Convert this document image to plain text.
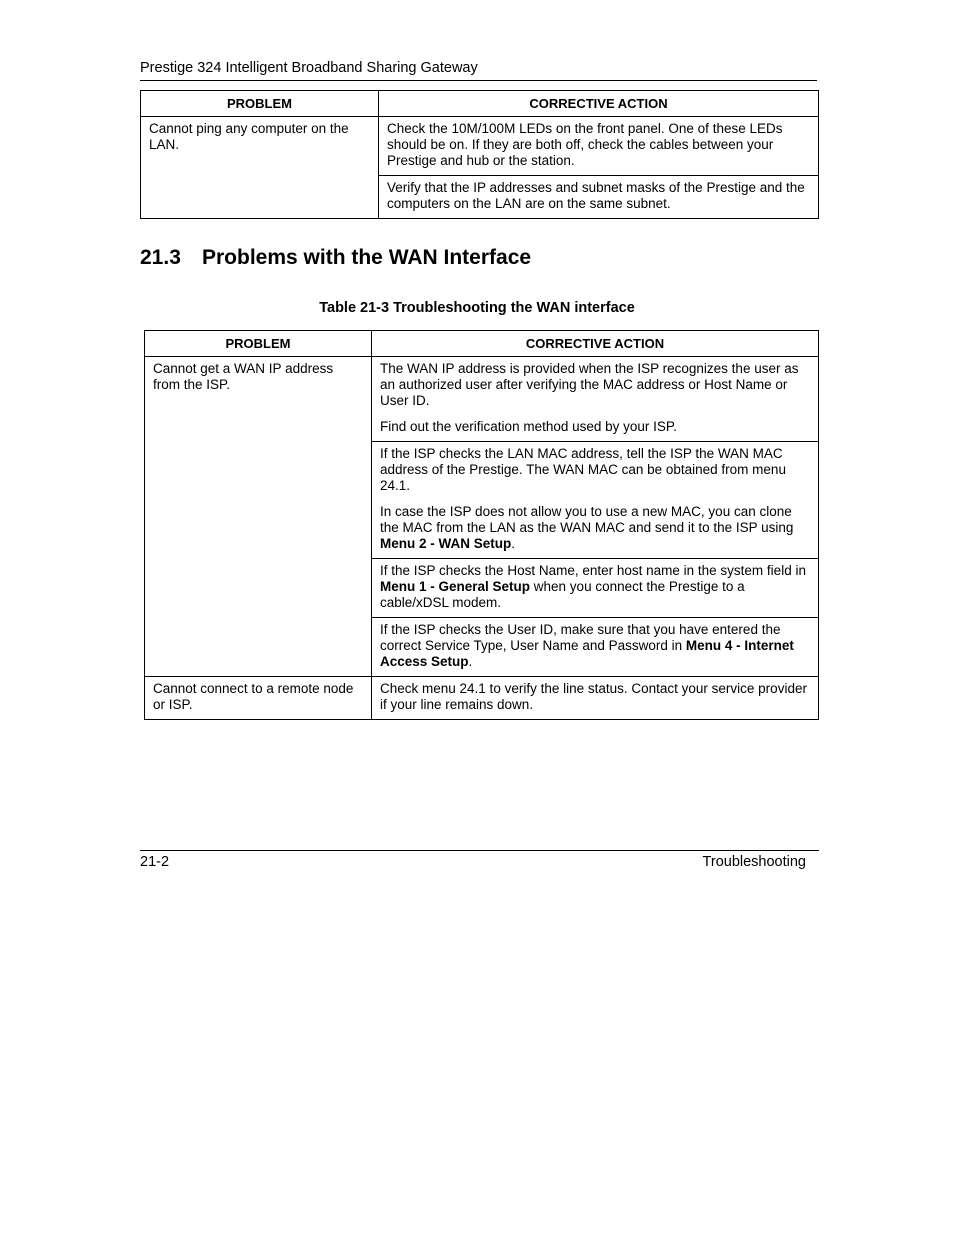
Prestige 324 Intelligent Broadband Sharing Gateway
PROBLEM	CORRECTIVE ACTION
Cannot ping any computer on the LAN.	Check the 10M/100M LEDs on the front panel. One of these LEDs should be on. If they are both off, check the cables between your Prestige and hub or the station.
	Verify that the IP addresses and subnet masks of the Prestige and the computers on the LAN are on the same subnet.
21.3 Problems with the WAN Interface
Table 21-3 Troubleshooting the WAN interface
PROBLEM	CORRECTIVE ACTION
Cannot get a WAN IP address from the ISP.	The WAN IP address is provided when the ISP recognizes the user as an authorized user after verifying the MAC address or Host Name or User ID.
Find out the verification method used by your ISP.

	If the ISP checks the LAN MAC address, tell the ISP the WAN MAC address of the Prestige. The WAN MAC can be obtained from menu 24.1.
In case the ISP does not allow you to use a new MAC, you can clone the MAC from the LAN as the WAN MAC and send it to the ISP using Menu 2 - WAN Setup.

	If the ISP checks the Host Name, enter host name in the system field in Menu 1 - General Setup when you connect the Prestige to a cable/xDSL modem.
	If the ISP checks the User ID, make sure that you have entered the correct Service Type, User Name and Password in Menu 4 - Internet Access Setup.
Cannot connect to a remote node or ISP.	Check menu 24.1 to verify the line status. Contact your service provider if your line remains down.
21-2	Troubleshooting
